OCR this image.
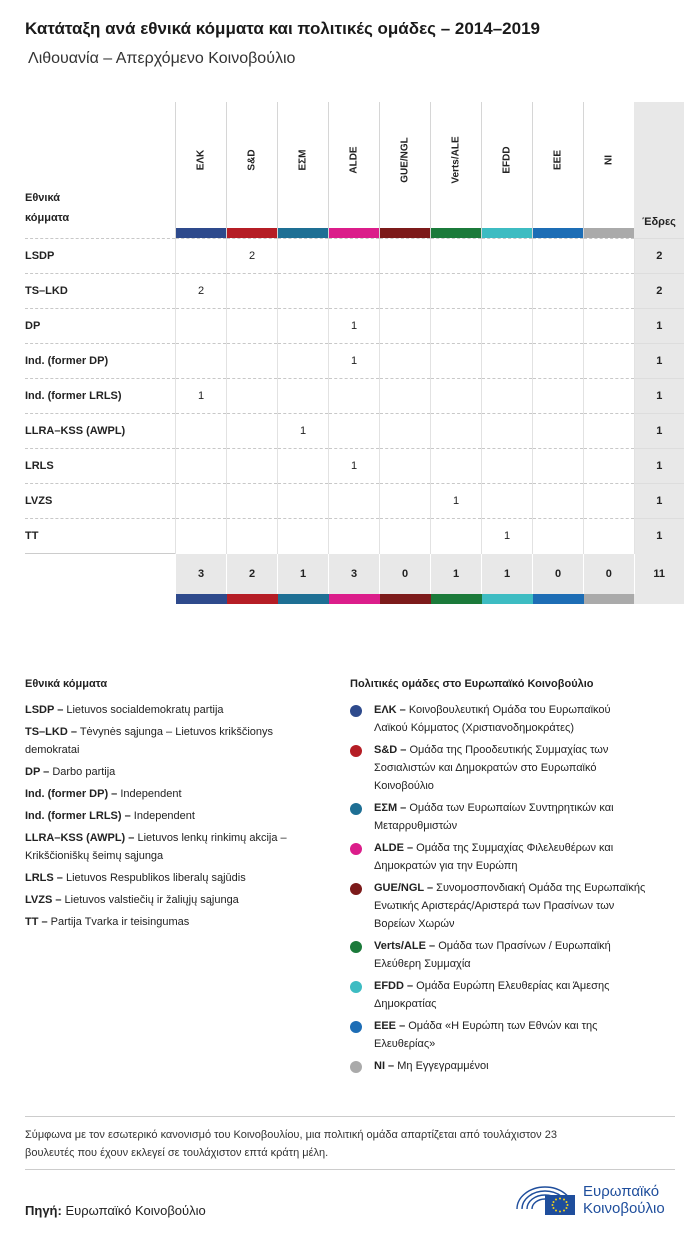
Κατάταξη ανά εθνικά κόμματα και πολιτικές ομάδες – 2014–2019
Λιθουανία – Απερχόμενο Κοινοβούλιο
Εθνικά
κόμματα	ΕΛΚ	S&D	ΕΣΜ	ALDE	GUE/NGL	Verts/ALE	EFDD	EEE	NI	Έδρες
LSDP		2								2
TS–LKD	2									2
DP				1						1
Ind. (former DP)				1						1
Ind. (former LRLS)	1									1
LLRA–KSS (AWPL)			1							1
LRLS				1						1
LVZS						1				1
TT							1			1
	3	2	1	3	0	1	1	0	0	11

Εθνικά κόμματα
LSDP – Lietuvos socialdemokratų partija
TS–LKD – Tėvynės sąjunga – Lietuvos krikščionys
demokratai
DP – Darbo partija
Ind. (former DP) – Independent
Ind. (former LRLS) – Independent
LLRA–KSS (AWPL) – Lietuvos lenkų rinkimų akcija –
Krikščioniškų šeimų sąjunga
LRLS – Lietuvos Respublikos liberalų sąjūdis
LVZS – Lietuvos valstiečių ir žaliųjų sąjunga
TT – Partija Tvarka ir teisingumas
Πολιτικές ομάδες στο Ευρωπαϊκό Κοινοβούλιο
ΕΛΚ – Κοινοβουλευτική Ομάδα του Ευρωπαϊκού
Λαϊκού Κόμματος (Χριστιανοδημοκράτες)
S&D – Ομάδα της Προοδευτικής Συμμαχίας των
Σοσιαλιστών και Δημοκρατών στο Ευρωπαϊκό
Κοινοβούλιο
ΕΣΜ – Ομάδα των Ευρωπαίων Συντηρητικών και
Μεταρρυθμιστών
ALDE – Ομάδα της Συμμαχίας Φιλελευθέρων και
Δημοκρατών για την Ευρώπη
GUE/NGL – Συνομοσπονδιακή Ομάδα της Ευρωπαϊκής
Ενωτικής Αριστεράς/Αριστερά των Πρασίνων των
Βορείων Χωρών
Verts/ALE – Ομάδα των Πρασίνων / Ευρωπαϊκή
Ελεύθερη Συμμαχία
EFDD – Ομάδα Ευρώπη Ελευθερίας και Άμεσης
Δημοκρατίας
EEE – Ομάδα «Η Ευρώπη των Εθνών και της
Ελευθερίας»
NI – Μη Εγγεγραμμένοι
Σύμφωνα με τον εσωτερικό κανονισμό του Κοινοβουλίου, μια πολιτική ομάδα απαρτίζεται από τουλάχιστον 23
βουλευτές που έχουν εκλεγεί σε τουλάχιστον επτά κράτη μέλη.
Πηγή: Ευρωπαϊκό Κοινοβούλιο
Ευρωπαϊκό
Κοινοβούλιο
